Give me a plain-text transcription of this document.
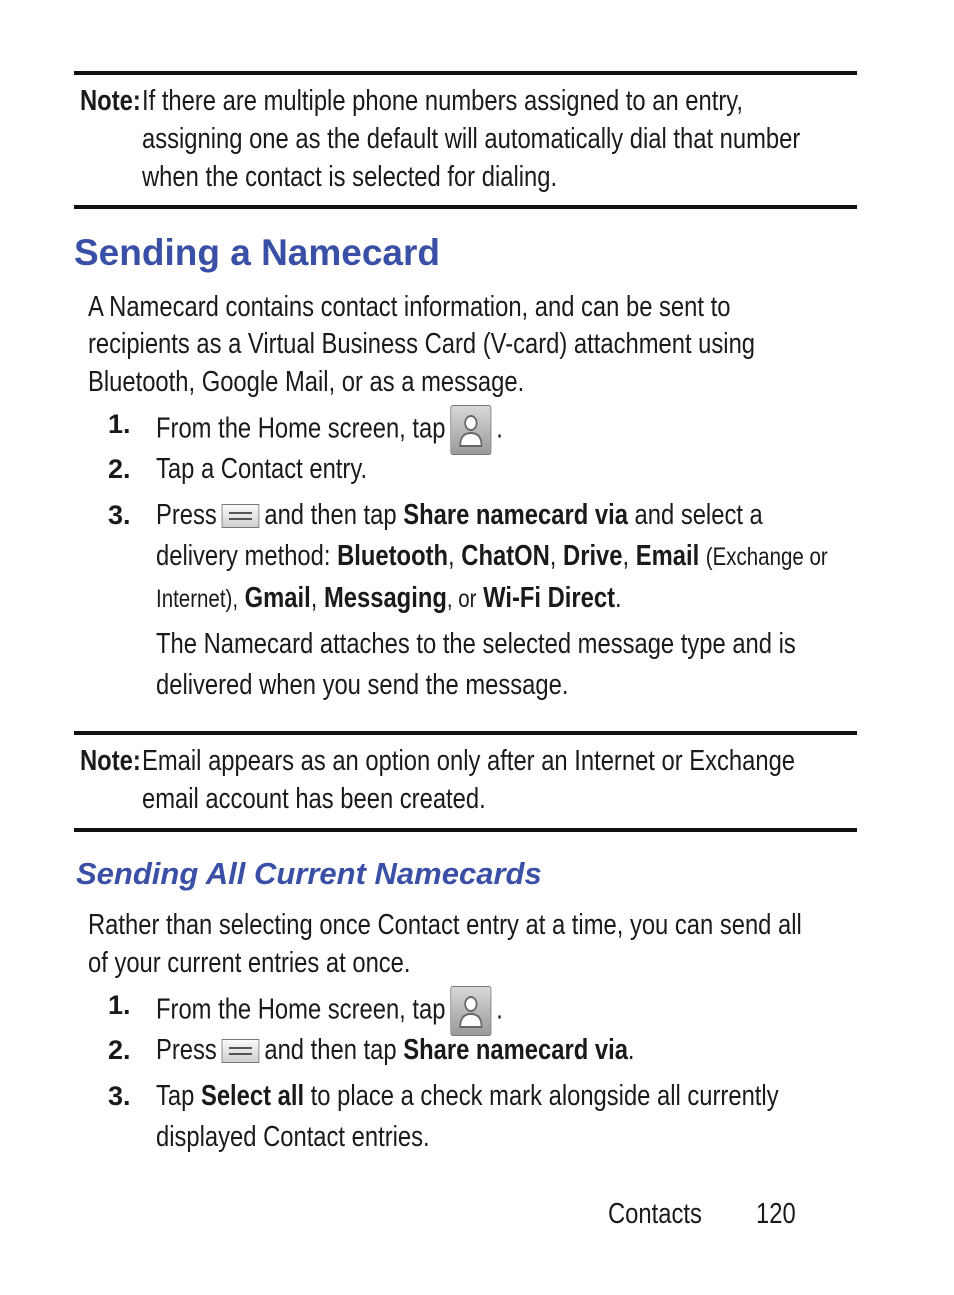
Note: If there are multiple phone numbers assigned to an entry,
assigning one as the default will automatically dial that number
when the contact is selected for dialing.
Sending a Namecard
A Namecard contains contact information, and can be sent to
recipients as a Virtual Business Card (V-card) attachment using
Bluetooth, Google Mail, or as a message.
1. From the Home screen, tap .
2. Tap a Contact entry.
3. Press and then tap Share namecard via and select a
delivery method: Bluetooth, ChatON, Drive, Email (Exchange or
Internet), Gmail, Messaging, or Wi-Fi Direct.
The Namecard attaches to the selected message type and is
delivered when you send the message.
Note: Email appears as an option only after an Internet or Exchange
email account has been created.
Sending All Current Namecards
Rather than selecting once Contact entry at a time, you can send all
of your current entries at once.
1. From the Home screen, tap .
2. Press and then tap Share namecard via.
3. Tap Select all to place a check mark alongside all currently
displayed Contact entries.
Contacts	120
